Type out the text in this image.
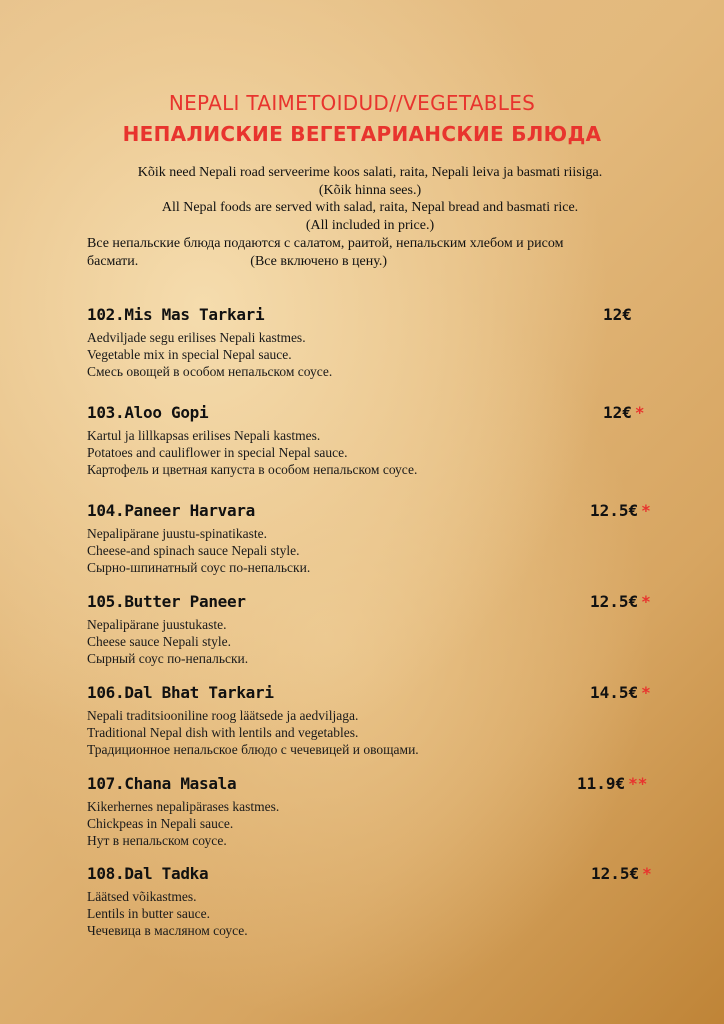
NEPALI TAIMETOIDUD//VEGETABLES
НЕПАЛИСКИЕ ВЕГЕТАРИАНСКИЕ БЛЮДА
Kõik need Nepali road serveerime koos salati, raita, Nepali leiva ja basmati riisiga.
(Kõik hinna sees.)
All Nepal foods are served with salad, raita, Nepal bread and basmati rice.
(All included in price.)
Все непальские блюда подаются с салатом, раитой, непальским хлебом и рисом
басмати.	(Все включено в цену.)
102.Mis Mas Tarkari	12€
Aedviljade segu erilises Nepali kastmes.
Vegetable mix in special Nepal sauce.
Смесь овощей в особом непальском соусе.
103.Aloo Gopi	12€ *
Kartul ja lillkapsas erilises Nepali kastmes.
Potatoes and cauliflower in special Nepal sauce.
Картофель и цветная капуста в особом непальском соусе.
104.Paneer Harvara	12.5€ *
Nepalipärane juustu-spinatikaste.
Cheese-and spinach sauce Nepali style.
Сырно-шпинатный соус по-непальски.
105.Butter Paneer	12.5€ *
Nepalipärane juustukaste.
Cheese sauce Nepali style.
Сырный соус по-непальски.
106.Dal Bhat Tarkari	14.5€ *
Nepali traditsiooniline roog läätsede ja aedviljaga.
Traditional Nepal dish with lentils and vegetables.
Традиционное непальское блюдо с чечевицей и овощами.
107.Chana Masala	11.9€ **
Kikerhernes nepalipärases kastmes.
Chickpeas in Nepali sauce.
Нут в непальском соусе.
108.Dal Tadka	12.5€ *
Läätsed võikastmes.
Lentils in butter sauce.
Чечевица в масляном соусе.
